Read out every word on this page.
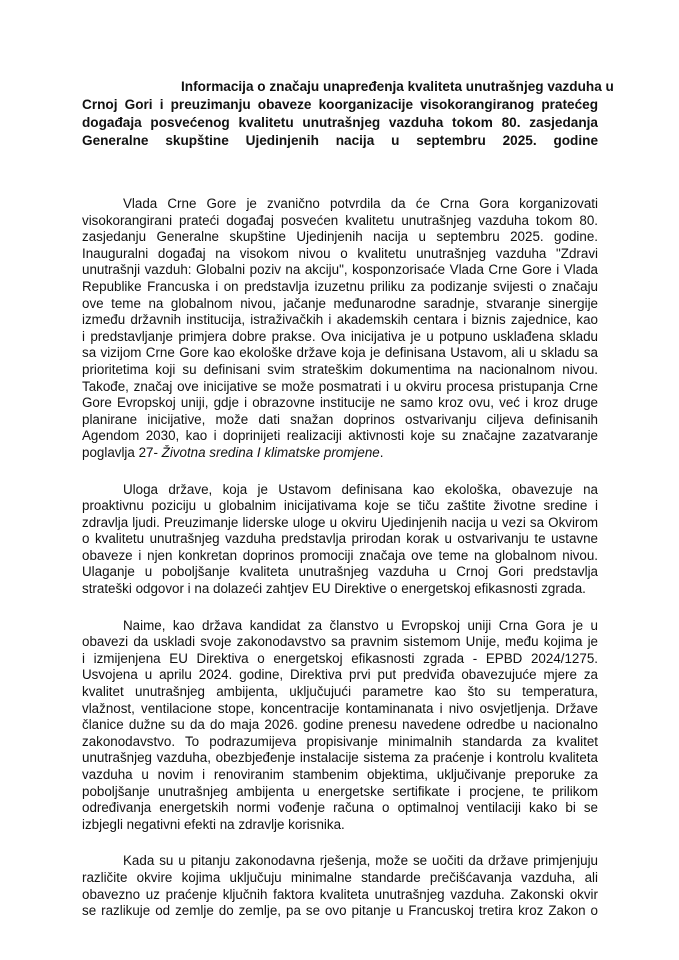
Informacija o značaju unapređenja kvaliteta unutrašnjeg vazduha u
Crnoj Gori i preuzimanju obaveze koorganizacije visokorangiranog pratećeg
događaja posvećenog kvalitetu unutrašnjeg vazduha tokom 80. zasjedanja
Generalne skupštine Ujedinjenih nacija u septembru 2025. godine
Vlada Crne Gore je zvanično potvrdila da će Crna Gora korganizovati
visokorangirani prateći događaj posvećen kvalitetu unutrašnjeg vazduha tokom 80.
zasjedanju Generalne skupštine Ujedinjenih nacija u septembru 2025. godine.
Inauguralni događaj na visokom nivou o kvalitetu unutrašnjeg vazduha "Zdravi
unutrašnji vazduh: Globalni poziv na akciju", kosponzorisaće Vlada Crne Gore i Vlada
Republike Francuska i on predstavlja izuzetnu priliku za podizanje svijesti o značaju
ove teme na globalnom nivou, jačanje međunarodne saradnje, stvaranje sinergije
između državnih institucija, istraživačkih i akademskih centara i biznis zajednice, kao
i predstavljanje primjera dobre prakse. Ova inicijativa je u potpuno usklađena skladu
sa vizijom Crne Gore kao ekološke države koja je definisana Ustavom, ali u skladu sa
prioritetima koji su definisani svim strateškim dokumentima na nacionalnom nivou.
Takođe, značaj ove inicijative se može posmatrati i u okviru procesa pristupanja Crne
Gore Evropskoj uniji, gdje i obrazovne institucije ne samo kroz ovu, već i kroz druge
planirane inicijative, može dati snažan doprinos ostvarivanju ciljeva definisanih
Agendom 2030, kao i doprinijeti realizaciji aktivnosti koje su značajne zazatvaranje
poglavlja 27- Životna sredina I klimatske promjene.
Uloga države, koja je Ustavom definisana kao ekološka, obavezuje na
proaktivnu poziciju u globalnim inicijativama koje se tiču zaštite životne sredine i
zdravlja ljudi. Preuzimanje liderske uloge u okviru Ujedinjenih nacija u vezi sa Okvirom
o kvalitetu unutrašnjeg vazduha predstavlja prirodan korak u ostvarivanju te ustavne
obaveze i njen konkretan doprinos promociji značaja ove teme na globalnom nivou.
Ulaganje u poboljšanje kvaliteta unutrašnjeg vazduha u Crnoj Gori predstavlja
strateški odgovor i na dolazeći zahtjev EU Direktive o energetskoj efikasnosti zgrada.
Naime, kao država kandidat za članstvo u Evropskoj uniji Crna Gora je u
obavezi da uskladi svoje zakonodavstvo sa pravnim sistemom Unije, među kojima je
i izmijenjena EU Direktiva o energetskoj efikasnosti zgrada - EPBD 2024/1275.
Usvojena u aprilu 2024. godine, Direktiva prvi put predviđa obavezujuće mjere za
kvalitet unutrašnjeg ambijenta, uključujući parametre kao što su temperatura,
vlažnost, ventilacione stope, koncentracije kontaminanata i nivo osvjetljenja. Države
članice dužne su da do maja 2026. godine prenesu navedene odredbe u nacionalno
zakonodavstvo. To podrazumijeva propisivanje minimalnih standarda za kvalitet
unutrašnjeg vazduha, obezbjeđenje instalacije sistema za praćenje i kontrolu kvaliteta
vazduha u novim i renoviranim stambenim objektima, uključivanje preporuke za
poboljšanje unutrašnjeg ambijenta u energetske sertifikate i procjene, te prilikom
određivanja energetskih normi vođenje računa o optimalnoj ventilaciji kako bi se
izbjegli negativni efekti na zdravlje korisnika.
Kada su u pitanju zakonodavna rješenja, može se uočiti da države primjenjuju
različite okvire kojima uključuju minimalne standarde prečišćavanja vazduha, ali
obavezno uz praćenje ključnih faktora kvaliteta unutrašnjeg vazduha. Zakonski okvir
se razlikuje od zemlje do zemlje, pa se ovo pitanje u Francuskoj tretira kroz Zakon o
